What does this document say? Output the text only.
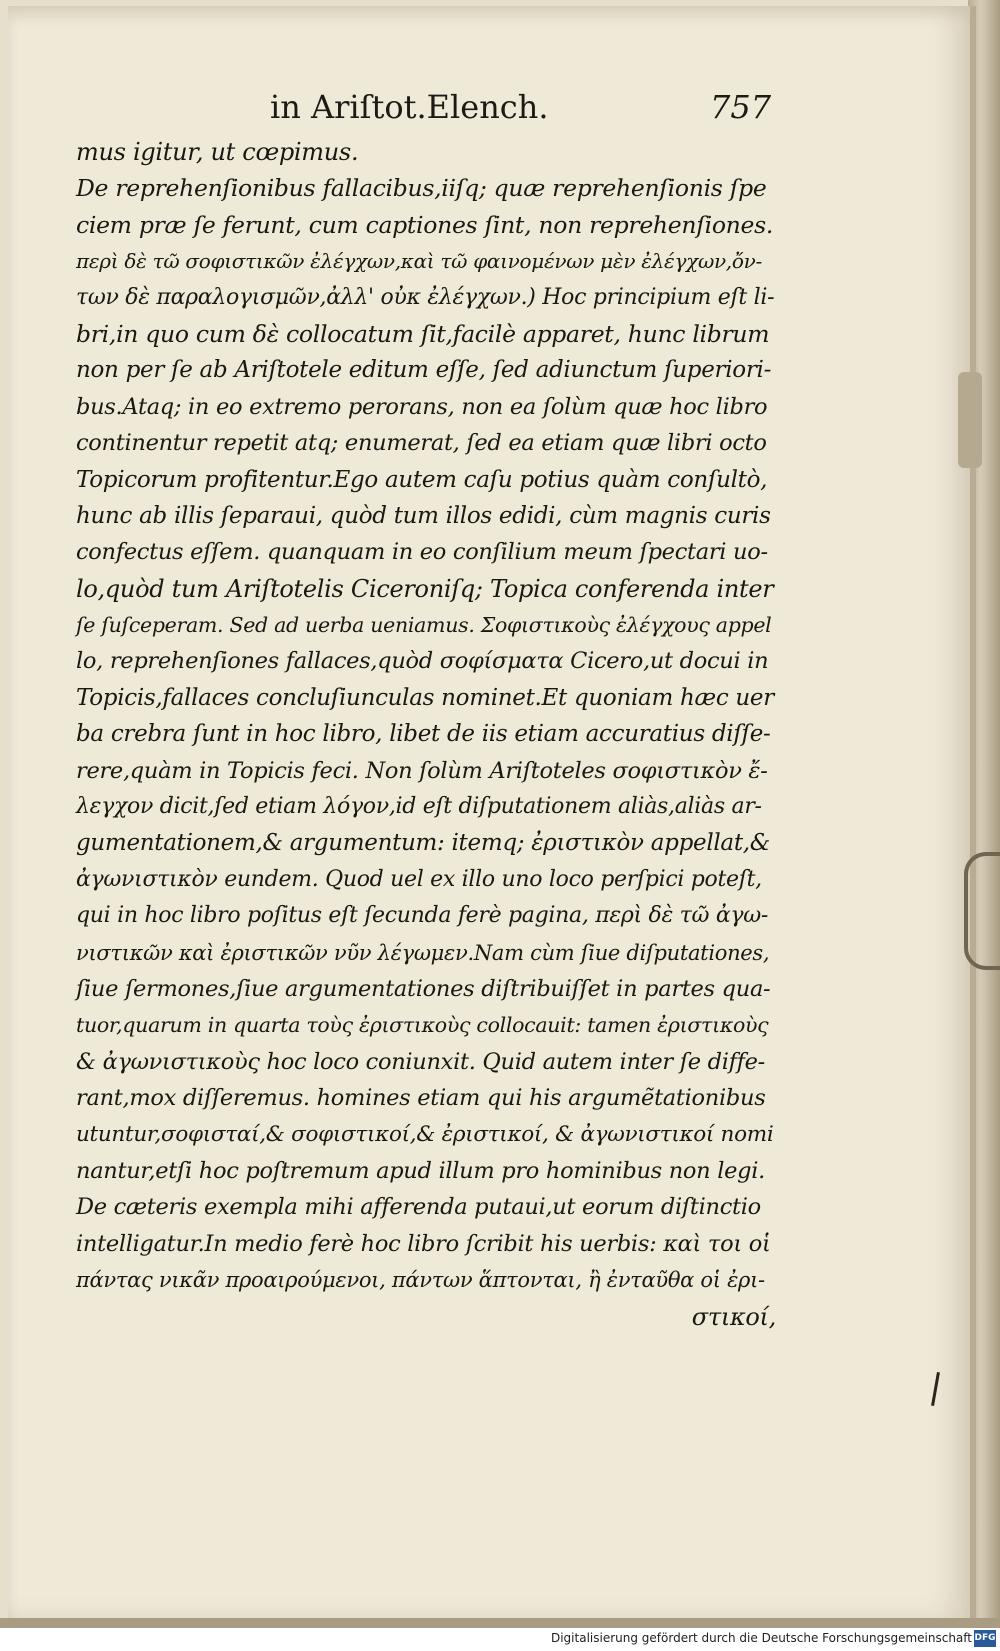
in Ariſtot.Elench.	757
mus igitur, ut cœpimus.
De reprehenſionibus fallacibus,iiſq; quæ reprehenſionis ſpe
ciem præ ſe ferunt, cum captiones ſint, non reprehenſiones.
περὶ δὲ τῶ σοφιστικῶν ἐλέγχων,καὶ τῶ φαινομένων μὲν ἐλέγχων,ὄν-
των δὲ παραλογισμῶν,ἀλλ' οὐκ ἐλέγχων.) Hoc principium eſt li-
bri,in quo cum δὲ collocatum ſit,facilè apparet, hunc librum
non per ſe ab Ariſtotele editum eſſe, ſed adiunctum ſuperiori-
bus.Ataq; in eo extremo perorans, non ea ſolùm quæ hoc libro
continentur repetit atq; enumerat, ſed ea etiam quæ libri octo
Topicorum profitentur.Ego autem caſu potius quàm conſultò,
hunc ab illis ſeparaui, quòd tum illos edidi, cùm magnis curis
confectus eſſem. quanquam in eo conſilium meum ſpectari uo-
lo,quòd tum Ariſtotelis Ciceroniſq; Topica conferenda inter
ſe ſuſceperam. Sed ad uerba ueniamus. Σοφιστικοὺς ἐλέγχους appel
lo, reprehenſiones fallaces,quòd σοφίσματα Cicero,ut docui in
Topicis,fallaces concluſiunculas nominet.Et quoniam hæc uer
ba crebra ſunt in hoc libro, libet de iis etiam accuratius diſſe-
rere,quàm in Topicis feci. Non ſolùm Ariſtoteles σοφιστικὸν ἔ-
λεγχον dicit,ſed etiam λόγον,id eſt diſputationem aliàs,aliàs ar-
gumentationem,& argumentum: itemq; ἐριστικὸν appellat,&
ἀγωνιστικὸν eundem. Quod uel ex illo uno loco perſpici poteſt,
qui in hoc libro poſitus eſt ſecunda ferè pagina, περὶ δὲ τῶ ἀγω-
νιστικῶν καὶ ἐριστικῶν νῦν λέγωμεν.Nam cùm ſiue diſputationes,
ſiue ſermones,ſiue argumentationes diſtribuiſſet in partes qua-
tuor,quarum in quarta τοὺς ἐριστικοὺς collocauit: tamen ἐριστικοὺς
& ἀγωνιστικοὺς hoc loco coniunxit. Quid autem inter ſe diffe-
rant,mox diſſeremus. homines etiam qui his argumẽtationibus
utuntur,σοφισταί,& σοφιστικοί,& ἐριστικοί, & ἀγωνιστικοί nomi
nantur,etſi hoc poſtremum apud illum pro hominibus non legi.
De cæteris exempla mihi afferenda putaui,ut eorum diſtinctio
intelligatur.In medio ferè hoc libro ſcribit his uerbis: καὶ τοι οἱ
πάντας νικᾶν προαιρούμενοι, πάντων ἅπτονται, ἢ ἐνταῦθα οἱ ἐρι-
στικοί,
Digitalisierung gefördert durch die Deutsche Forschungsgemeinschaft DFG
